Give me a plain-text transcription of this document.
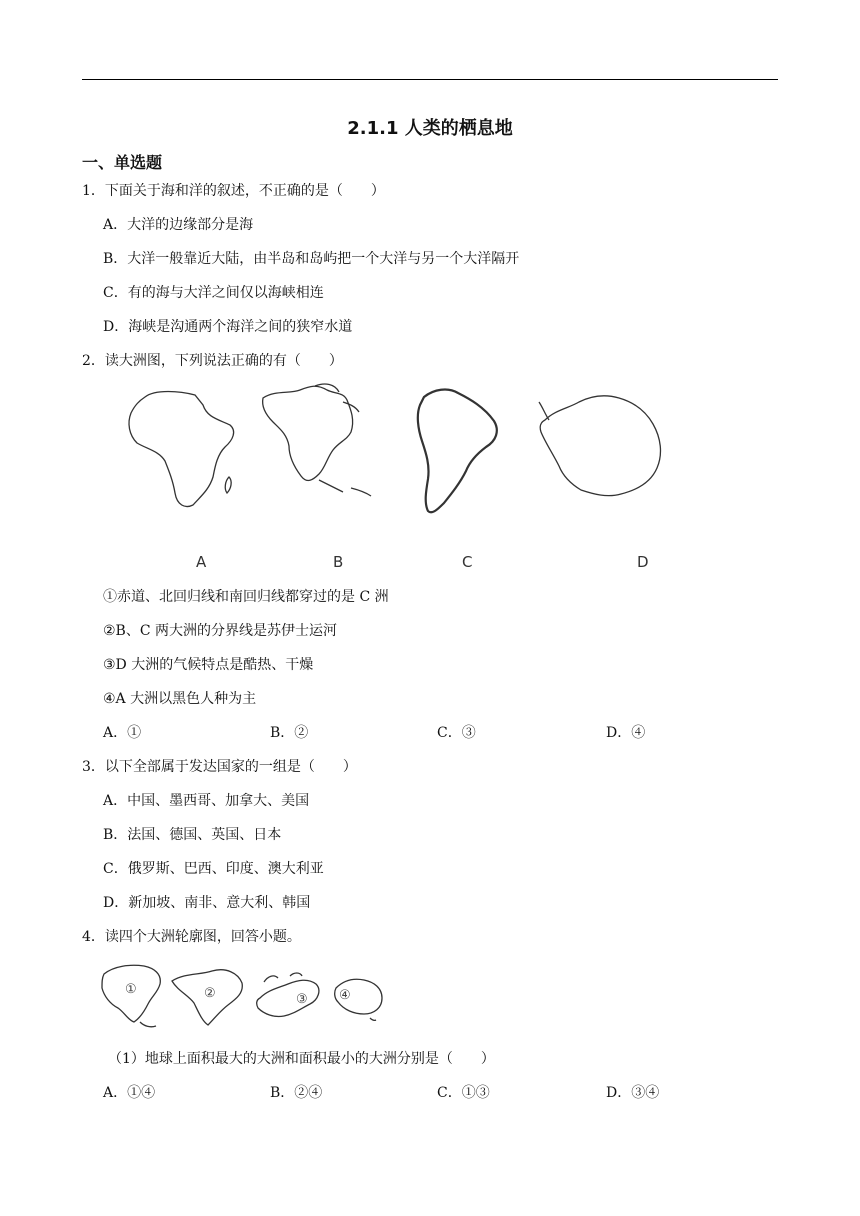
2.1.1 人类的栖息地
一、单选题
1．下面关于海和洋的叙述，不正确的是（　　）
A．大洋的边缘部分是海
B．大洋一般靠近大陆，由半岛和岛屿把一个大洋与另一个大洋隔开
C．有的海与大洋之间仅以海峡相连
D．海峡是沟通两个海洋之间的狭窄水道
2．读大洲图，下列说法正确的有（　　）
A	B	C	D
①赤道、北回归线和南回归线都穿过的是 C 洲
②B、C 两大洲的分界线是苏伊士运河
③D 大洲的气候特点是酷热、干燥
④A 大洲以黑色人种为主
A．①	B．②	C．③	D．④
3．以下全部属于发达国家的一组是（　　）
A．中国、墨西哥、加拿大、美国
B．法国、德国、英国、日本
C．俄罗斯、巴西、印度、澳大利亚
D．新加坡、南非、意大利、韩国
4．读四个大洲轮廓图，回答小题。
①	②	③ ④
（1）地球上面积最大的大洲和面积最小的大洲分别是（　　）
A．①④	B．②④	C．①③	D．③④
